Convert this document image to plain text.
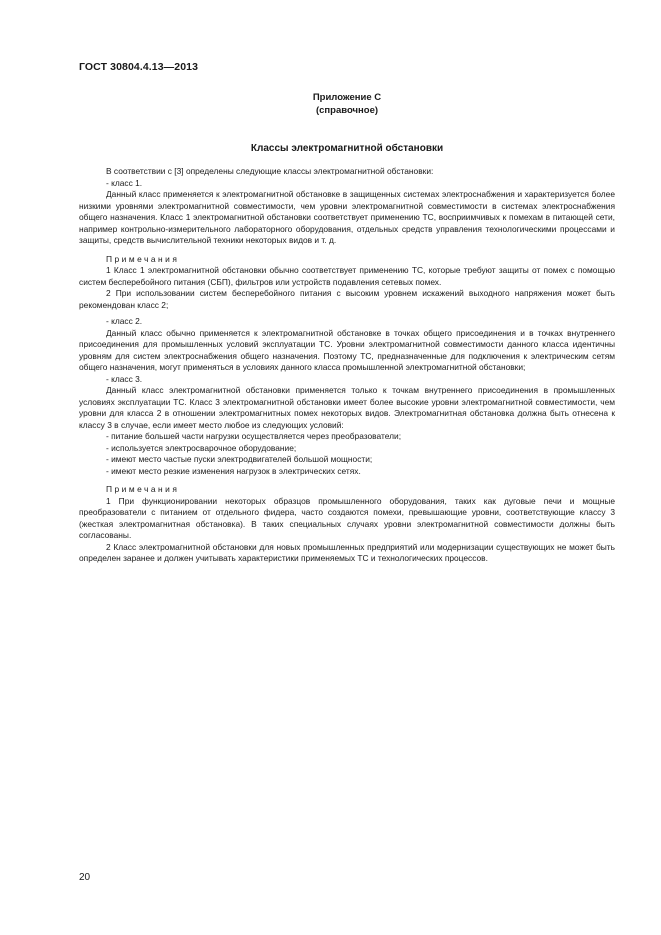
ГОСТ 30804.4.13—2013
Приложение С
(справочное)
Классы электромагнитной обстановки

В соответствии с [3] определены следующие классы электромагнитной обстановки:

- класс 1.

Данный класс применяется к электромагнитной обстановке в защищенных системах электроснабжения и характеризуется более низкими уровнями электромагнитной совместимости, чем уровни электромагнитной совместимости в системах электроснабжения общего назначения. Класс 1 электромагнитной обстановки соответствует применению ТС, восприимчивых к помехам в питающей сети, например контрольно-измерительного лабораторного оборудования, отдельных средств управления технологическими процессами и защиты, средств вычислительной техники некоторых видов и т. д.

Примечания

1 Класс 1 электромагнитной обстановки обычно соответствует применению ТС, которые требуют защиты от помех с помощью систем бесперебойного питания (СБП), фильтров или устройств подавления сетевых помех.

2 При использовании систем бесперебойного питания с высоким уровнем искажений выходного напряжения может быть рекомендован класс 2;

- класс 2.

Данный класс обычно применяется к электромагнитной обстановке в точках общего присоединения и в точках внутреннего присоединения для промышленных условий эксплуатации ТС. Уровни электромагнитной совместимости данного класса идентичны уровням для систем электроснабжения общего назначения. Поэтому ТС, предназначенные для подключения к электрическим сетям общего назначения, могут применяться в условиях данного класса промышленной электромагнитной обстановки;

- класс 3.

Данный класс электромагнитной обстановки применяется только к точкам внутреннего присоединения в промышленных условиях эксплуатации ТС. Класс 3 электромагнитной обстановки имеет более высокие уровни электромагнитной совместимости, чем уровни для класса 2 в отношении электромагнитных помех некоторых видов. Электромагнитная обстановка должна быть отнесена к классу 3 в случае, если имеет место любое из следующих условий:

- питание большей части нагрузки осуществляется через преобразователи;

- используется электросварочное оборудование;

- имеют место частые пуски электродвигателей большой мощности;

- имеют место резкие изменения нагрузок в электрических сетях.

Примечания

1 При функционировании некоторых образцов промышленного оборудования, таких как дуговые печи и мощные преобразователи с питанием от отдельного фидера, часто создаются помехи, превышающие уровни, соответствующие классу 3 (жесткая электромагнитная обстановка). В таких специальных случаях уровни электромагнитной совместимости должны быть согласованы.

2 Класс электромагнитной обстановки для новых промышленных предприятий или модернизации существующих не может быть определен заранее и должен учитывать характеристики применяемых ТС и технологических процессов.

20
